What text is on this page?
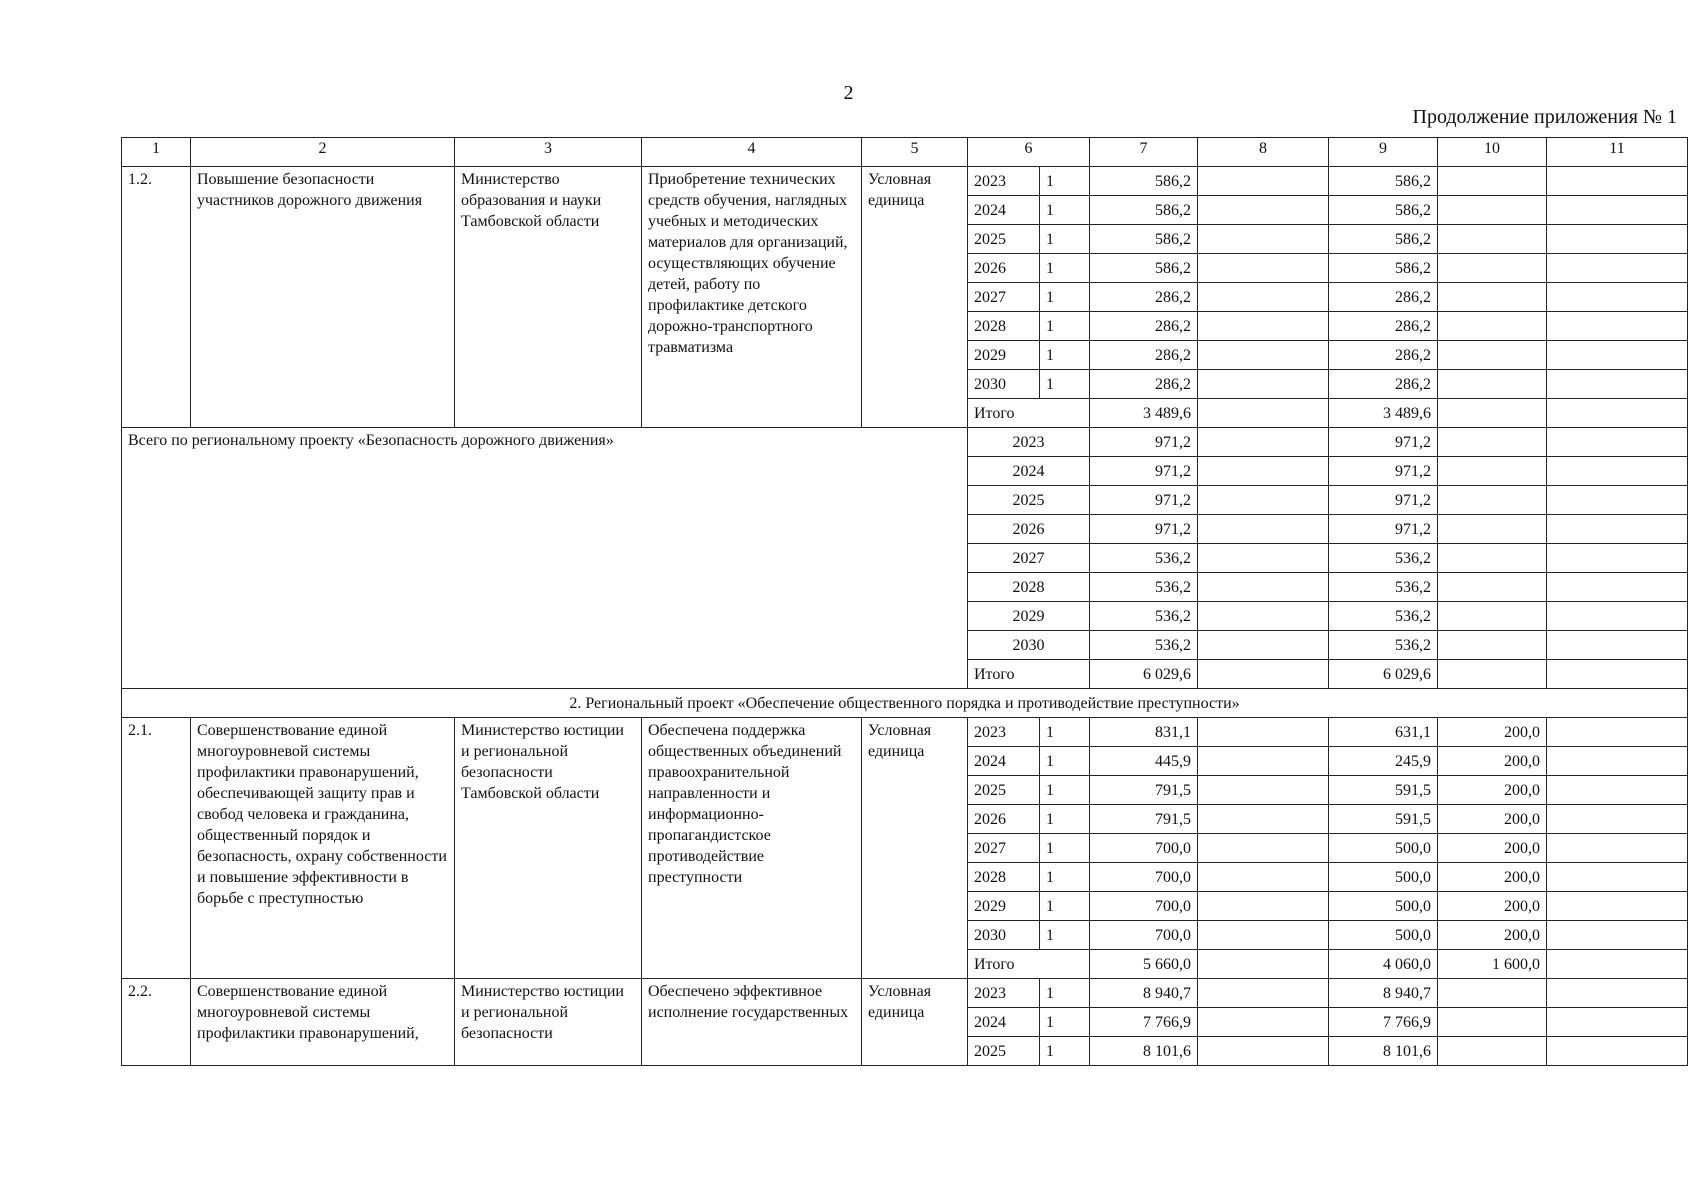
2
Продолжение приложения № 1
1	2	3	4	5	6		7	8	9	10	11
1.2.	Повышение безопасности участников дорожного движения	Министерство образования и науки Тамбовской области	Приобретение технических средств обучения, наглядных учебных и методических материалов для организаций, осуществляющих обучение детей, работу по профилактике детского дорожно-транспортного травматизма	Условная единица	2023	1	586,2		586,2		
					2024	1	586,2		586,2		
					2025	1	586,2		586,2		
					2026	1	586,2		586,2		
					2027	1	286,2		286,2		
					2028	1	286,2		286,2		
					2029	1	286,2		286,2		
					2030	1	286,2		286,2		
					Итого		3 489,6		3 489,6		
Всего по региональному проекту «Безопасность дорожного движения»					2023		971,2		971,2		
					2024		971,2		971,2		
					2025		971,2		971,2		
					2026		971,2		971,2		
					2027		536,2		536,2		
					2028		536,2		536,2		
					2029		536,2		536,2		
					2030		536,2		536,2		
					Итого		6 029,6		6 029,6		
2. Региональный проект «Обеспечение общественного порядка и противодействие преступности»											
2.1.	Совершенствование единой многоуровневой системы профилактики правонарушений, обеспечивающей защиту прав и свобод человека и гражданина, общественный порядок и безопасность, охрану собственности и повышение эффективности в борьбе с преступностью	Министерство юстиции и региональной безопасности Тамбовской области	Обеспечена поддержка общественных объединений правоохранительной направленности и информационно-пропагандистское противодействие преступности	Условная единица	2023	1	831,1		631,1	200,0	
					2024	1	445,9		245,9	200,0	
					2025	1	791,5		591,5	200,0	
					2026	1	791,5		591,5	200,0	
					2027	1	700,0		500,0	200,0	
					2028	1	700,0		500,0	200,0	
					2029	1	700,0		500,0	200,0	
					2030	1	700,0		500,0	200,0	
					Итого		5 660,0		4 060,0	1 600,0	
2.2.	Совершенствование единой многоуровневой системы профилактики правонарушений,	Министерство юстиции и региональной безопасности	Обеспечено эффективное исполнение государственных	Условная единица	2023	1	8 940,7		8 940,7		
					2024	1	7 766,9		7 766,9		
					2025	1	8 101,6		8 101,6		
